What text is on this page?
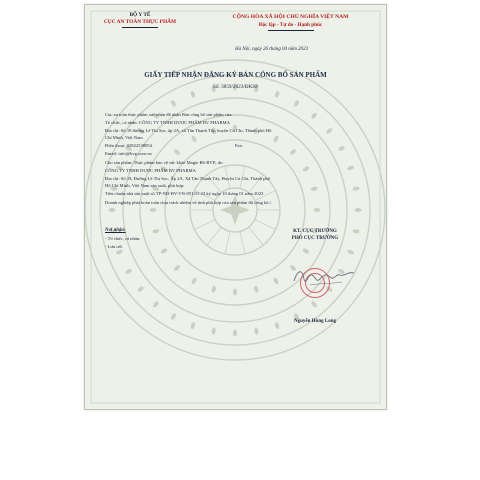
BỘ Y TẾ
CỤC AN TOÀN THỰC PHẨM
CỘNG HÒA XÃ HỘI CHỦ NGHĨA VIỆT NAM
Độc lập - Tự do - Hạnh phúc
Hà Nội, ngày 26 tháng 04 năm 2023
GIẤY TIẾP NHẬN ĐĂNG KÝ BẢN CÔNG BỐ SẢN PHẨM
Số: 3859/2023/ĐKSP
Cục an toàn thực phẩm xác nhận đã nhận Bản công bố sản phẩm của:
Tổ chức, cá nhân: CÔNG TY TNHH DƯỢC PHẨM BV PHARMA
Địa chỉ: Số 18 đường Lê Thị Sọc, ấp 2A, xã Tân Thạnh Tây, huyện Củ Chi, Thành phố Hồ
Chí Minh, Việt Nam
Điện thoại: 02822538854	Fax:
Email: info@bvp.com.vn
Cho sản phẩm: Thực phẩm bảo vệ sức khỏe Magie B6-BVP; do:
CÔNG TY TNHH DƯỢC PHẨM BV PHARMA
Địa chỉ: Số 18, Đường Lê Thị Sọc, Ấp 2A, Xã Tân Thạnh Tây, Huyện Củ Chi, Thành phố
Hồ Chí Minh, Việt Nam sản xuất, phù hợp:
Tiêu chuẩn nhà sản xuất số TP-ND-BV-VN-051.01-23 ký ngày 10 tháng 01 năm 2023
Doanh nghiệp phải hoàn toàn chịu trách nhiệm về tính phù hợp của sản phẩm đã công bố./.
Nơi nhận:
- Tổ chức, cá nhân;
- Lưu trữ.
KT. CỤC TRƯỞNG
PHÓ CỤC TRƯỞNG
Nguyễn Hùng Long
